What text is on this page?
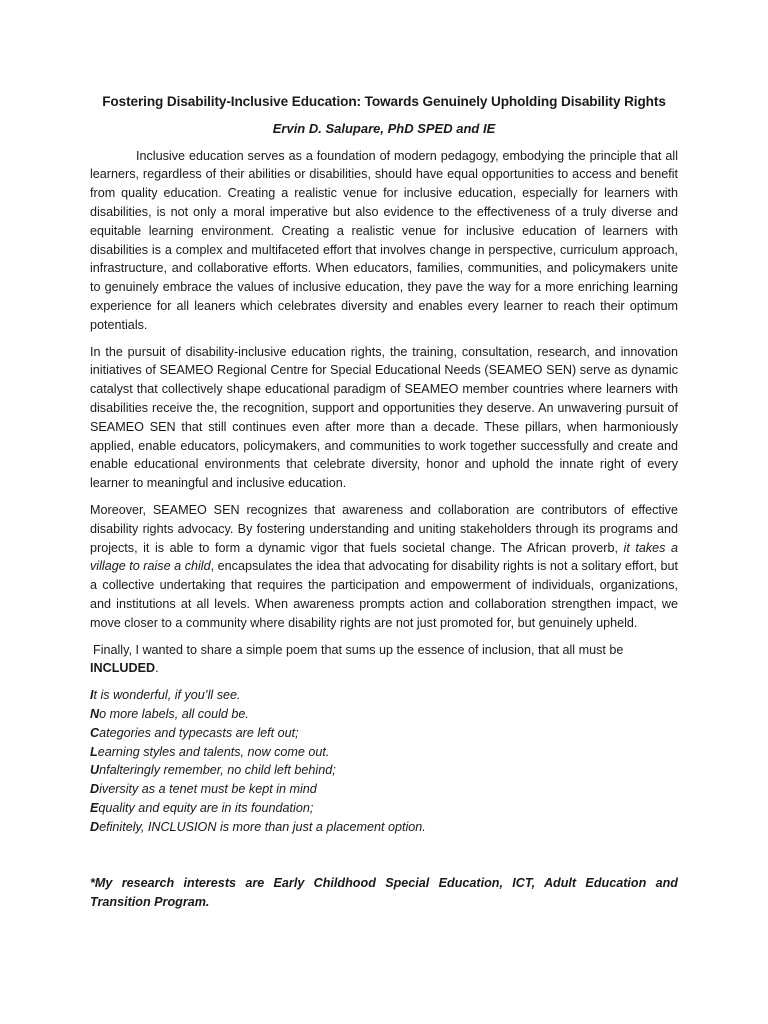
Fostering Disability-Inclusive Education: Towards Genuinely Upholding Disability Rights
Ervin D. Salupare, PhD SPED and IE

Inclusive education serves as a foundation of modern pedagogy, embodying the principle that all learners, regardless of their abilities or disabilities, should have equal opportunities to access and benefit from quality education. Creating a realistic venue for inclusive education, especially for learners with disabilities, is not only a moral imperative but also evidence to the effectiveness of a truly diverse and equitable learning environment. Creating a realistic venue for inclusive education of learners with disabilities is a complex and multifaceted effort that involves change in perspective, curriculum approach, infrastructure, and collaborative efforts. When educators, families, communities, and policymakers unite to genuinely embrace the values of inclusive education, they pave the way for a more enriching learning experience for all leaners which celebrates diversity and enables every learner to reach their optimum potentials.

In the pursuit of disability-inclusive education rights, the training, consultation, research, and innovation initiatives of SEAMEO Regional Centre for Special Educational Needs (SEAMEO SEN) serve as dynamic catalyst that collectively shape educational paradigm of SEAMEO member countries where learners with disabilities receive the, the recognition, support and opportunities they deserve. An unwavering pursuit of SEAMEO SEN that still continues even after more than a decade. These pillars, when harmoniously applied, enable educators, policymakers, and communities to work together successfully and create and enable educational environments that celebrate diversity, honor and uphold the innate right of every learner to meaningful and inclusive education.

Moreover, SEAMEO SEN recognizes that awareness and collaboration are contributors of effective disability rights advocacy. By fostering understanding and uniting stakeholders through its programs and projects, it is able to form a dynamic vigor that fuels societal change. The African proverb, it takes a village to raise a child, encapsulates the idea that advocating for disability rights is not a solitary effort, but a collective undertaking that requires the participation and empowerment of individuals, organizations, and institutions at all levels. When awareness prompts action and collaboration strengthen impact, we move closer to a community where disability rights are not just promoted for, but genuinely upheld.

Finally, I wanted to share a simple poem that sums up the essence of inclusion, that all must be INCLUDED.

It is wonderful, if you’ll see.
No more labels, all could be.
Categories and typecasts are left out;
Learning styles and talents, now come out.
Unfalteringly remember, no child left behind;
Diversity as a tenet must be kept in mind
Equality and equity are in its foundation;
Definitely, INCLUSION is more than just a placement option.
*My research interests are Early Childhood Special Education, ICT, Adult Education and Transition Program.
